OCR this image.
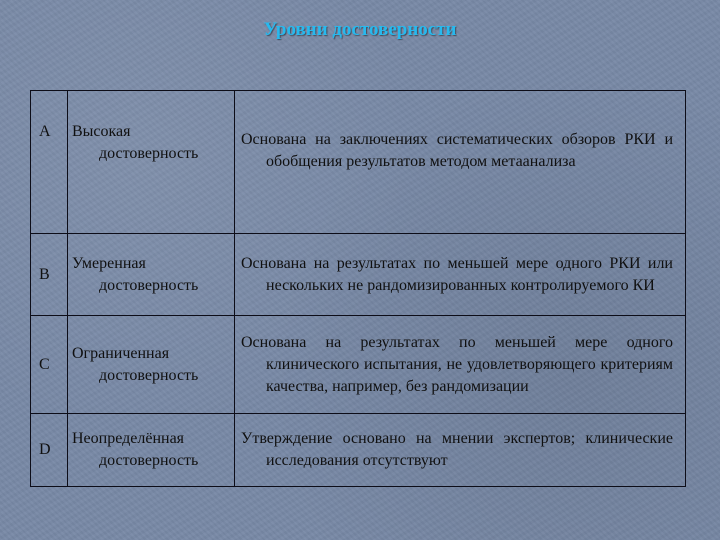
Уровни достоверности
A	Высокая достоверность	Основана на заключениях систематических обзоров РКИ и обобщения результатов методом метаанализа

B	Умеренная достоверность	Основана на результатах по меньшей мере одного РКИ или нескольких не рандомизированных контролируемого КИ

C	Ограниченная достоверность	Основана на результатах по меньшей мере одного клинического испытания, не удовлетворяющего критериям качества, например, без рандомизации

D	Неопределённая достоверность	Утверждение основано на мнении экспертов; клинические исследования отсутствуют
